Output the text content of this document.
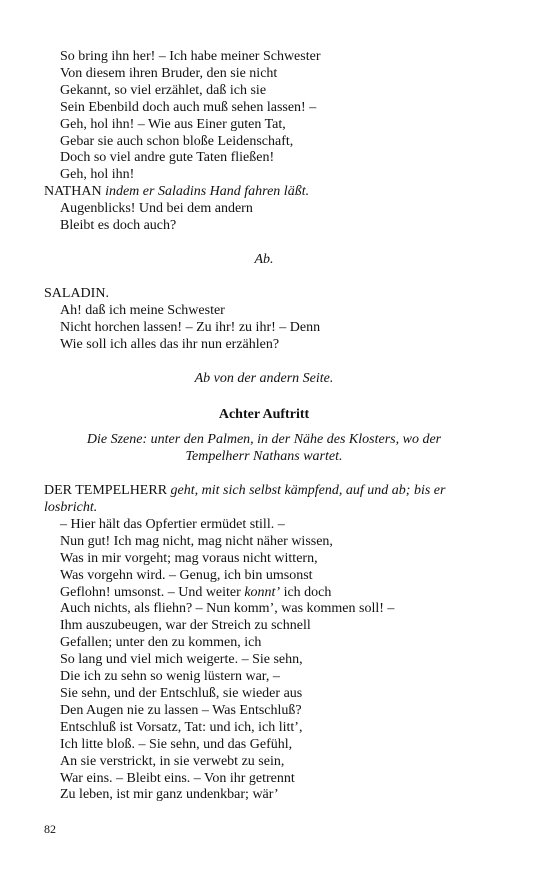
So bring ihn her! – Ich habe meiner Schwester
Von diesem ihren Bruder, den sie nicht
Gekannt, so viel erzählet, daß ich sie
Sein Ebenbild doch auch muß sehen lassen! –
Geh, hol ihn! – Wie aus Einer guten Tat,
Gebar sie auch schon bloße Leidenschaft,
Doch so viel andre gute Taten fließen!
Geh, hol ihn!
NATHAN indem er Saladins Hand fahren läßt.
Augenblicks! Und bei dem andern
Bleibt es doch auch?
Ab.
SALADIN.
Ah! daß ich meine Schwester
Nicht horchen lassen! – Zu ihr! zu ihr! – Denn
Wie soll ich alles das ihr nun erzählen?
Ab von der andern Seite.
Achter Auftritt
Die Szene: unter den Palmen, in der Nähe des Klosters, wo der Tempelherr Nathans wartet.
DER TEMPELHERR geht, mit sich selbst kämpfend, auf und ab; bis er losbricht.
– Hier hält das Opfertier ermüdet still. –
Nun gut! Ich mag nicht, mag nicht näher wissen,
Was in mir vorgeht; mag voraus nicht wittern,
Was vorgehn wird. – Genug, ich bin umsonst
Geflohn! umsonst. – Und weiter konnt’ ich doch
Auch nichts, als fliehn? – Nun komm’, was kommen soll! –
Ihm auszubeugen, war der Streich zu schnell
Gefallen; unter den zu kommen, ich
So lang und viel mich weigerte. – Sie sehn,
Die ich zu sehn so wenig lüstern war, –
Sie sehn, und der Entschluß, sie wieder aus
Den Augen nie zu lassen – Was Entschluß?
Entschluß ist Vorsatz, Tat: und ich, ich litt’,
Ich litte bloß. – Sie sehn, und das Gefühl,
An sie verstrickt, in sie verwebt zu sein,
War eins. – Bleibt eins. – Von ihr getrennt
Zu leben, ist mir ganz undenkbar; wär’
82
